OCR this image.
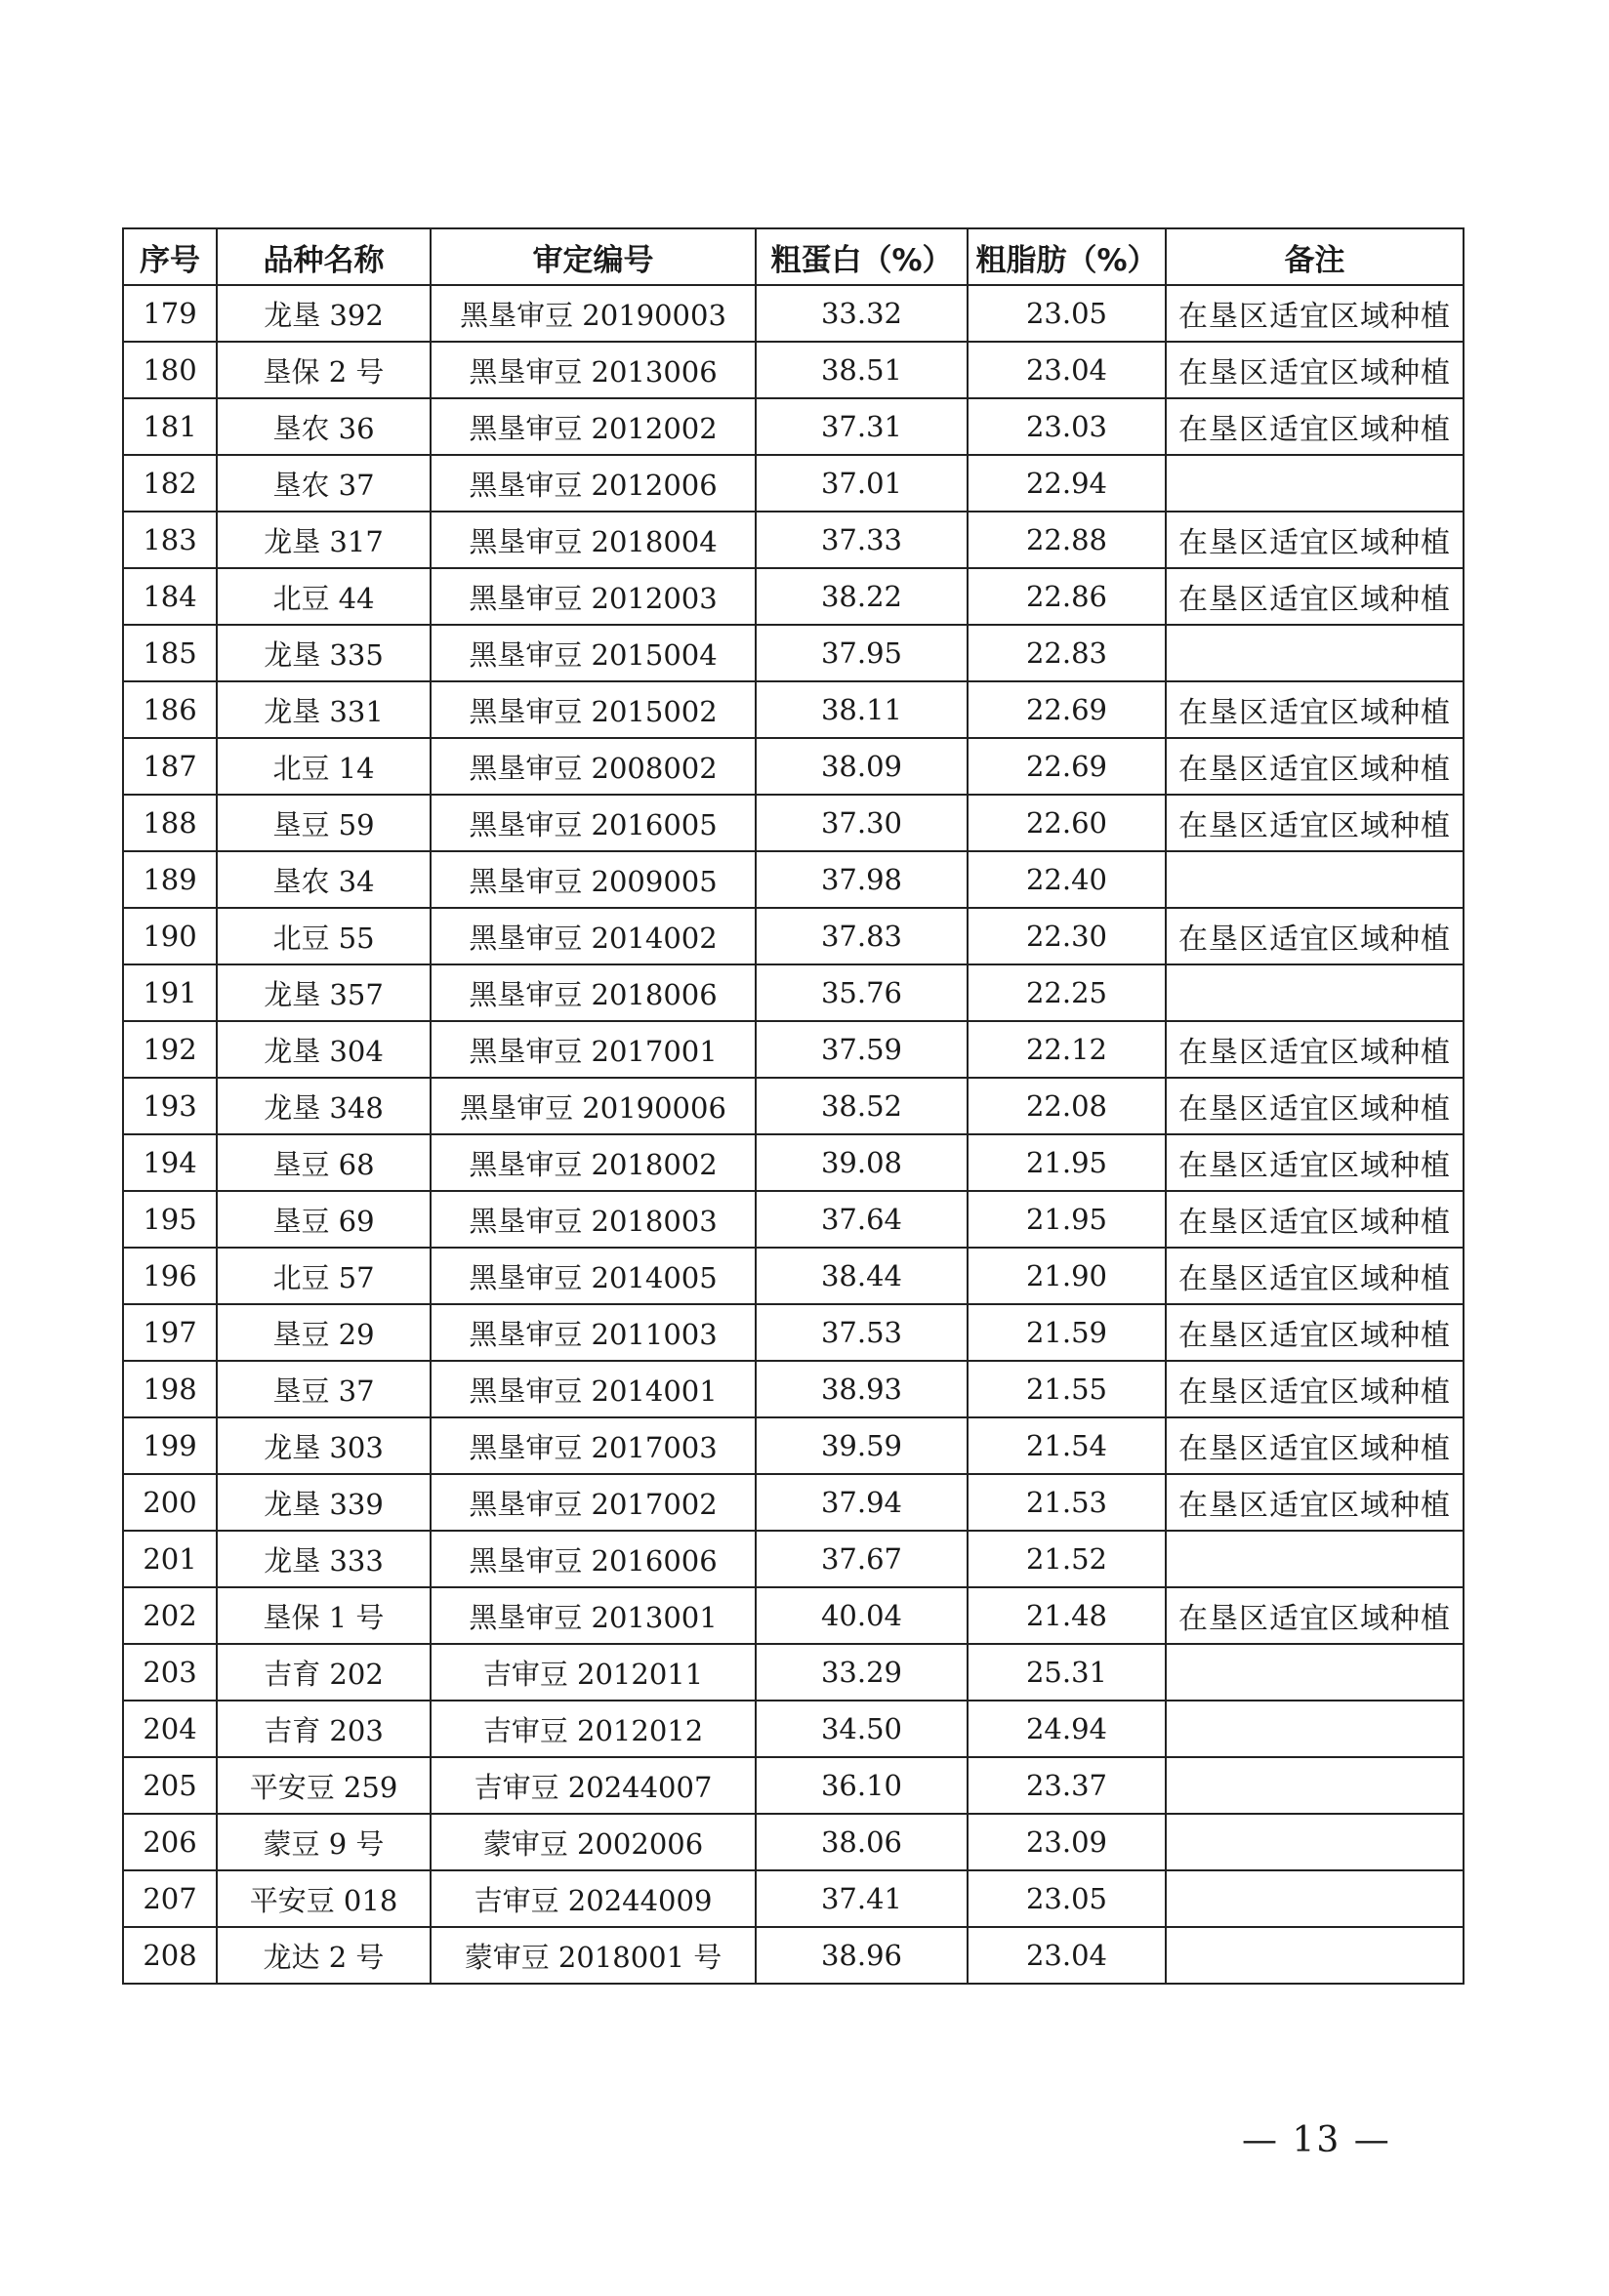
序号	品种名称	审定编号	粗蛋白（%）	粗脂肪（%）	备注
179	龙垦 392	黑垦审豆 20190003	33.32	23.05	在垦区适宜区域种植
180	垦保 2 号	黑垦审豆 2013006	38.51	23.04	在垦区适宜区域种植
181	垦农 36	黑垦审豆 2012002	37.31	23.03	在垦区适宜区域种植
182	垦农 37	黑垦审豆 2012006	37.01	22.94	
183	龙垦 317	黑垦审豆 2018004	37.33	22.88	在垦区适宜区域种植
184	北豆 44	黑垦审豆 2012003	38.22	22.86	在垦区适宜区域种植
185	龙垦 335	黑垦审豆 2015004	37.95	22.83	
186	龙垦 331	黑垦审豆 2015002	38.11	22.69	在垦区适宜区域种植
187	北豆 14	黑垦审豆 2008002	38.09	22.69	在垦区适宜区域种植
188	垦豆 59	黑垦审豆 2016005	37.30	22.60	在垦区适宜区域种植
189	垦农 34	黑垦审豆 2009005	37.98	22.40	
190	北豆 55	黑垦审豆 2014002	37.83	22.30	在垦区适宜区域种植
191	龙垦 357	黑垦审豆 2018006	35.76	22.25	
192	龙垦 304	黑垦审豆 2017001	37.59	22.12	在垦区适宜区域种植
193	龙垦 348	黑垦审豆 20190006	38.52	22.08	在垦区适宜区域种植
194	垦豆 68	黑垦审豆 2018002	39.08	21.95	在垦区适宜区域种植
195	垦豆 69	黑垦审豆 2018003	37.64	21.95	在垦区适宜区域种植
196	北豆 57	黑垦审豆 2014005	38.44	21.90	在垦区适宜区域种植
197	垦豆 29	黑垦审豆 2011003	37.53	21.59	在垦区适宜区域种植
198	垦豆 37	黑垦审豆 2014001	38.93	21.55	在垦区适宜区域种植
199	龙垦 303	黑垦审豆 2017003	39.59	21.54	在垦区适宜区域种植
200	龙垦 339	黑垦审豆 2017002	37.94	21.53	在垦区适宜区域种植
201	龙垦 333	黑垦审豆 2016006	37.67	21.52	
202	垦保 1 号	黑垦审豆 2013001	40.04	21.48	在垦区适宜区域种植
203	吉育 202	吉审豆 2012011	33.29	25.31	
204	吉育 203	吉审豆 2012012	34.50	24.94	
205	平安豆 259	吉审豆 20244007	36.10	23.37	
206	蒙豆 9 号	蒙审豆 2002006	38.06	23.09	
207	平安豆 018	吉审豆 20244009	37.41	23.05	
208	龙达 2 号	蒙审豆 2018001 号	38.96	23.04	
— 13 —
